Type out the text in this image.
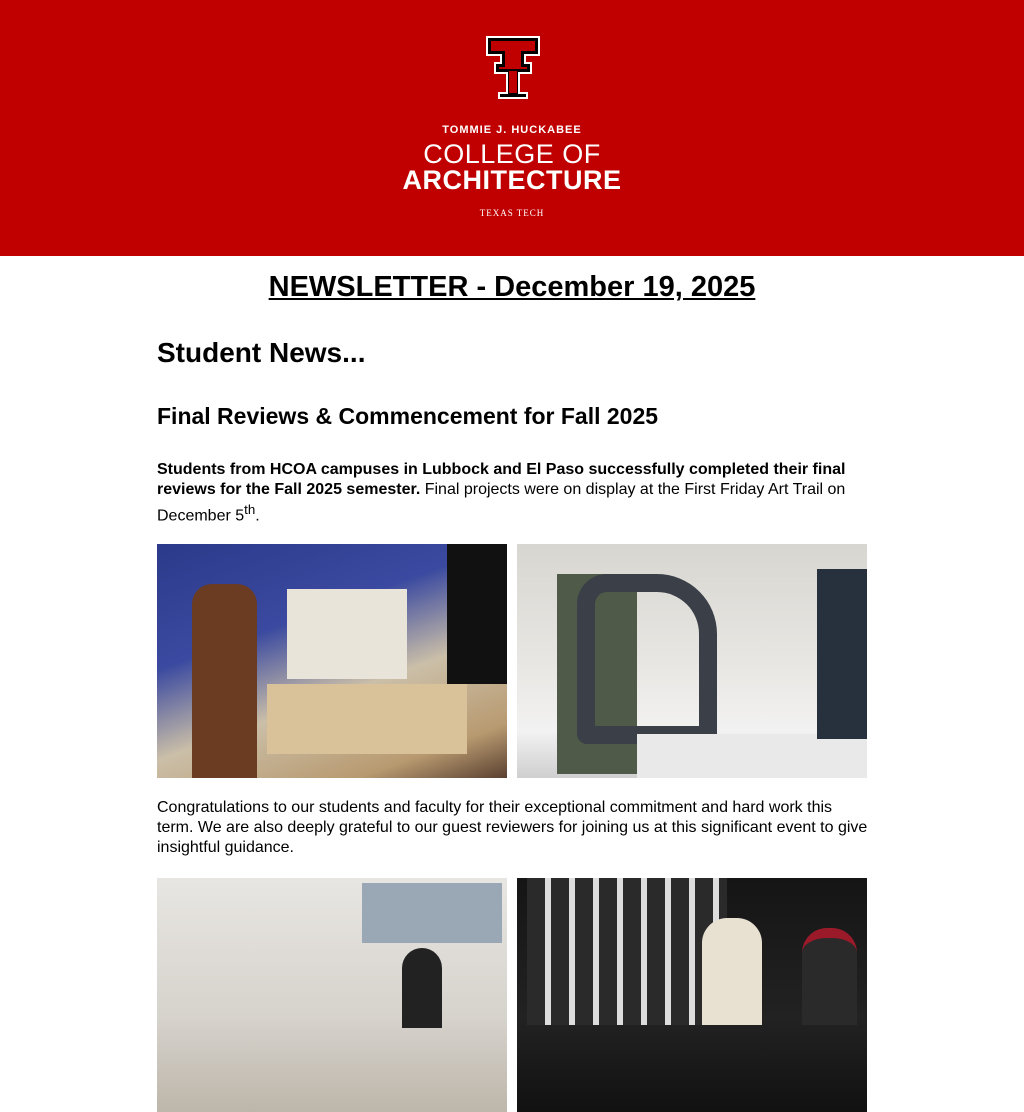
TOMMIE J. HUCKABEE
COLLEGE OF
ARCHITECTURE
TEXAS TECH
NEWSLETTER - December 19, 2025
Student News...
Final Reviews & Commencement for Fall 2025

Students from HCOA campuses in Lubbock and El Paso successfully completed their final reviews for the Fall 2025 semester. Final projects were on display at the First Friday Art Trail on December 5th.

Congratulations to our students and faculty for their exceptional commitment and hard work this term. We are also deeply grateful to our guest reviewers for joining us at this significant event to give insightful guidance.
